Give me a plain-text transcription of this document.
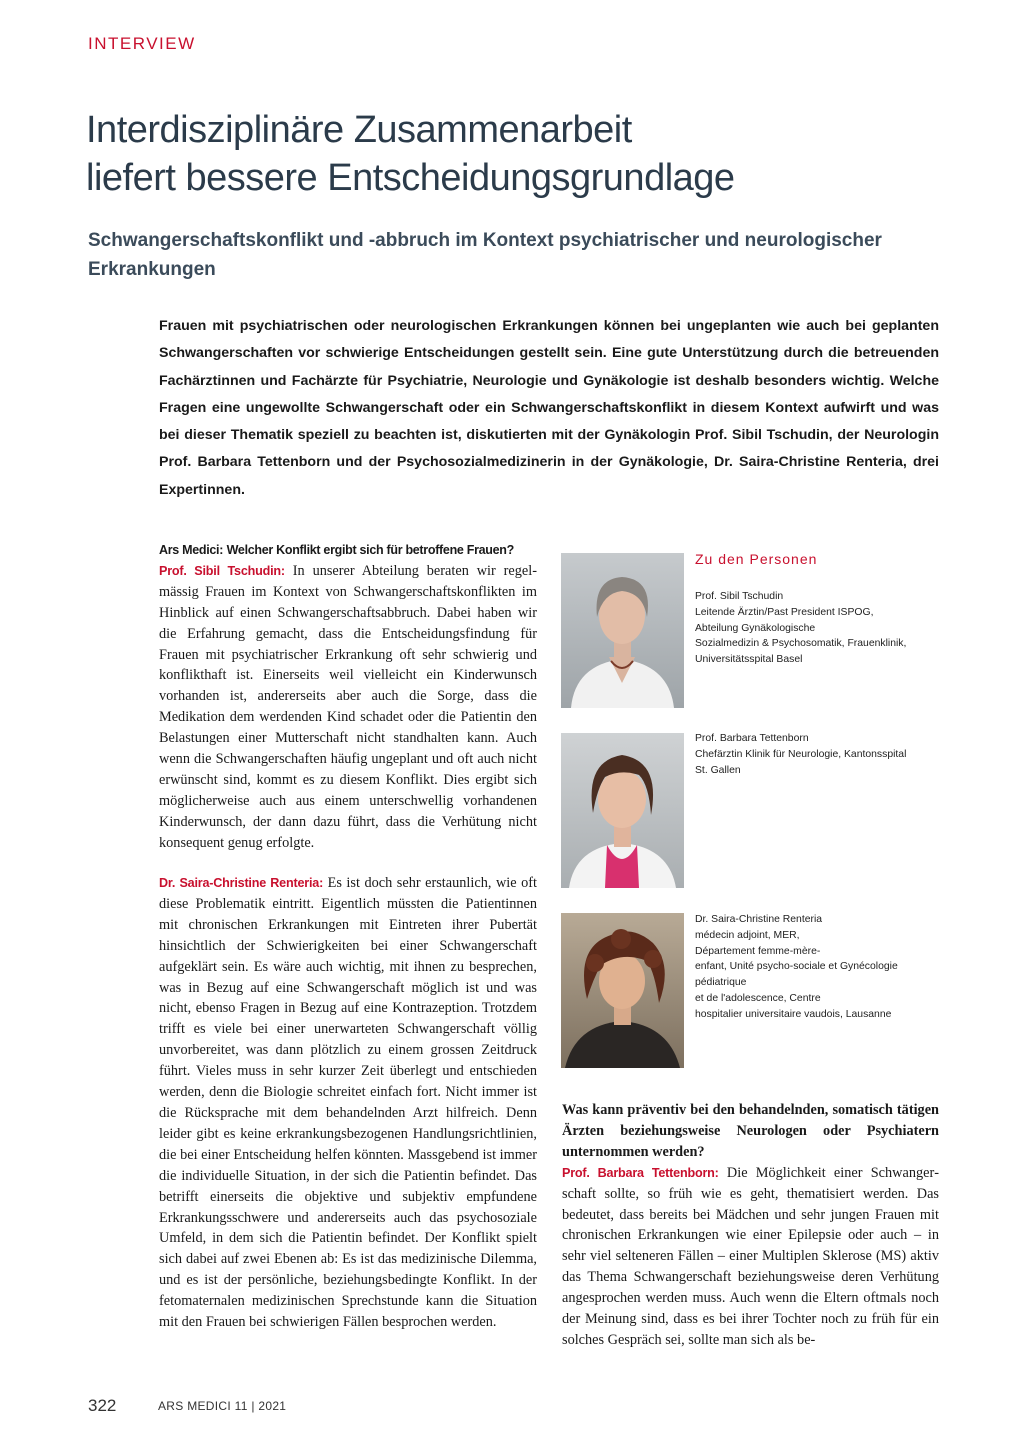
INTERVIEW
Interdisziplinäre Zusammenarbeit
liefert bessere Entscheidungsgrundlage
Schwangerschaftskonflikt und -abbruch im Kontext psychiatrischer und neurologischer Erkrankungen
Frauen mit psychiatrischen oder neurologischen Erkrankungen können bei ungeplanten wie auch bei geplanten Schwangerschaften vor schwierige Entscheidungen gestellt sein. Eine gute Unterstützung durch die betreuenden Fachärztinnen und Fachärzte für Psychiatrie, Neurologie und Gynäkologie ist deshalb besonders wichtig. Welche Fragen eine ungewollte Schwangerschaft oder ein Schwangerschaftskonflikt in diesem Kontext aufwirft und was bei dieser Thematik speziell zu beachten ist, diskutierten mit der Gynäkologin Prof. Sibil Tschudin, der Neurologin Prof. Barbara Tettenborn und der Psychosozialmedizinerin in der Gynäkologie, Dr. Saira-Christine Renteria, drei Expertinnen.
Ars Medici: Welcher Konflikt ergibt sich für betroffene Frauen?
Prof. Sibil Tschudin: In unserer Abteilung beraten wir regelmässig Frauen im Kontext von Schwangerschaftskonflikten im Hinblick auf einen Schwangerschaftsabbruch. Dabei haben wir die Erfahrung gemacht, dass die Entscheidungsfindung für Frauen mit psychiatrischer Erkrankung oft sehr schwierig und konflikthaft ist. Einerseits weil vielleicht ein Kinderwunsch vorhanden ist, andererseits aber auch die Sorge, dass die Medikation dem werdenden Kind schadet oder die Patientin den Belastungen einer Mutterschaft nicht standhalten kann. Auch wenn die Schwangerschaften häufig ungeplant und oft auch nicht erwünscht sind, kommt es zu diesem Konflikt. Dies ergibt sich möglicherweise auch aus einem unterschwellig vorhandenen Kinderwunsch, der dann dazu führt, dass die Verhütung nicht konsequent genug erfolgte.
Dr. Saira-Christine Renteria: Es ist doch sehr erstaunlich, wie oft diese Problematik eintritt. Eigentlich müssten die Patientinnen mit chronischen Erkrankungen mit Eintreten ihrer Pubertät hinsichtlich der Schwierigkeiten bei einer Schwangerschaft aufgeklärt sein. Es wäre auch wichtig, mit ihnen zu besprechen, was in Bezug auf eine Schwangerschaft möglich ist und was nicht, ebenso Fragen in Bezug auf eine Kontrazeption. Trotzdem trifft es viele bei einer unerwarteten Schwangerschaft völlig unvorbereitet, was dann plötzlich zu einem grossen Zeitdruck führt. Vieles muss in sehr kurzer Zeit überlegt und entschieden werden, denn die Biologie schreitet einfach fort. Nicht immer ist die Rücksprache mit dem behandelnden Arzt hilfreich. Denn leider gibt es keine erkrankungsbezogenen Handlungsrichtlinien, die bei einer Entscheidung helfen könnten. Massgebend ist immer die individuelle Situation, in der sich die Patientin befindet. Das betrifft einerseits die objektive und subjektiv empfundene Erkrankungsschwere und andererseits auch das psychosoziale Umfeld, in dem sich die Patientin befindet. Der Konflikt spielt sich dabei auf zwei Ebenen ab: Es ist das medizinische Dilemma, und es ist der persönliche, beziehungsbedingte Konflikt. In der fetomaternalen medizinischen Sprechstunde kann die Situation mit den Frauen bei schwierigen Fällen besprochen werden.
Zu den Personen
Prof. Sibil Tschudin
Leitende Ärztin/Past President ISPOG,
Abteilung Gynäkologische
Sozialmedizin & Psychosomatik, Frauenklinik,
Universitätsspital Basel
Prof. Barbara Tettenborn
Chefärztin Klinik für Neurologie, Kantonsspital
St. Gallen
Dr. Saira-Christine Renteria
médecin adjoint, MER,
Département femme-mère-
enfant, Unité psycho-sociale et Gynécologie
pédiatrique
et de l'adolescence, Centre
hospitalier universitaire vaudois, Lausanne
Was kann präventiv bei den behandelnden, somatisch tätigen Ärzten beziehungsweise Neurologen oder Psychiatern unternommen werden?
Prof. Barbara Tettenborn: Die Möglichkeit einer Schwangerschaft sollte, so früh wie es geht, thematisiert werden. Das bedeutet, dass bereits bei Mädchen und sehr jungen Frauen mit chronischen Erkrankungen wie einer Epilepsie oder auch – in sehr viel selteneren Fällen – einer Multiplen Sklerose (MS) aktiv das Thema Schwangerschaft beziehungsweise deren Verhütung angesprochen werden muss. Auch wenn die Eltern oftmals noch der Meinung sind, dass es bei ihrer Tochter noch zu früh für ein solches Gespräch sei, sollte man sich als be-
322	ARS MEDICI 11 | 2021
